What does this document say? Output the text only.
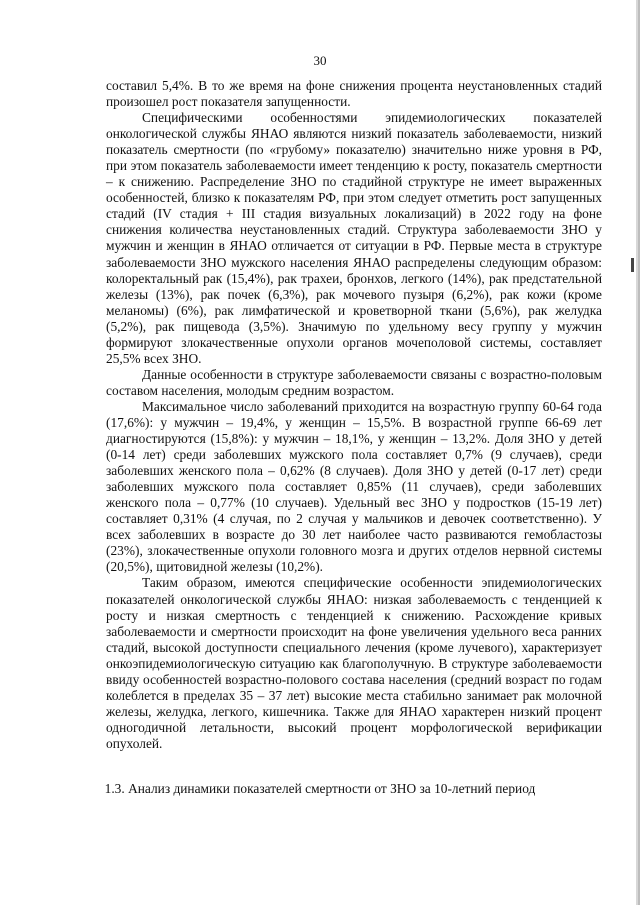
30

составил 5,4%. В то же время на фоне снижения процента неустановленных стадий произошел рост показателя запущенности.

Специфическими особенностями эпидемиологических показателей онкологической службы ЯНАО являются низкий показатель заболеваемости, низкий показатель смертности (по «грубому» показателю) значительно ниже уровня в РФ, при этом показатель заболеваемости имеет тенденцию к росту, показатель смертности – к снижению. Распределение ЗНО по стадийной структуре не имеет выраженных особенностей, близко к показателям РФ, при этом следует отметить рост запущенных стадий (IV стадия + III стадия визуальных локализаций) в 2022 году на фоне снижения количества неустановленных стадий. Структура заболеваемости ЗНО у мужчин и женщин в ЯНАО отличается от ситуации в РФ. Первые места в структуре заболеваемости ЗНО мужского населения ЯНАО распределены следующим образом: колоректальный рак (15,4%), рак трахеи, бронхов, легкого (14%), рак предстательной железы (13%), рак почек (6,3%), рак мочевого пузыря (6,2%), рак кожи (кроме меланомы) (6%), рак лимфатической и кроветворной ткани (5,6%), рак желудка (5,2%), рак пищевода (3,5%). Значимую по удельному весу группу у мужчин формируют злокачественные опухоли органов мочеполовой системы, составляет 25,5% всех ЗНО.

Данные особенности в структуре заболеваемости связаны с возрастно-половым составом населения, молодым средним возрастом.

Максимальное число заболеваний приходится на возрастную группу 60-64 года (17,6%): у мужчин – 19,4%, у женщин – 15,5%. В возрастной группе 66-69 лет диагностируются (15,8%): у мужчин – 18,1%, у женщин – 13,2%. Доля ЗНО у детей (0-14 лет) среди заболевших мужского пола составляет 0,7% (9 случаев), среди заболевших женского пола – 0,62% (8 случаев). Доля ЗНО у детей (0-17 лет) среди заболевших мужского пола составляет 0,85% (11 случаев), среди заболевших женского пола – 0,77% (10 случаев). Удельный вес ЗНО у подростков (15-19 лет) составляет 0,31% (4 случая, по 2 случая у мальчиков и девочек соответственно). У всех заболевших в возрасте до 30 лет наиболее часто развиваются гемобластозы (23%), злокачественные опухоли головного мозга и других отделов нервной системы (20,5%), щитовидной железы (10,2%).

Таким образом, имеются специфические особенности эпидемиологических показателей онкологической службы ЯНАО: низкая заболеваемость с тенденцией к росту и низкая смертность с тенденцией к снижению. Расхождение кривых заболеваемости и смертности происходит на фоне увеличения удельного веса ранних стадий, высокой доступности специального лечения (кроме лучевого), характеризует онкоэпидемиологическую ситуацию как благополучную. В структуре заболеваемости ввиду особенностей возрастно-полового состава населения (средний возраст по годам колеблется в пределах 35 – 37 лет) высокие места стабильно занимает рак молочной железы, желудка, легкого, кишечника. Также для ЯНАО характерен низкий процент одногодичной летальности, высокий процент морфологической верификации опухолей.

1.3. Анализ динамики показателей смертности от ЗНО за 10-летний период
